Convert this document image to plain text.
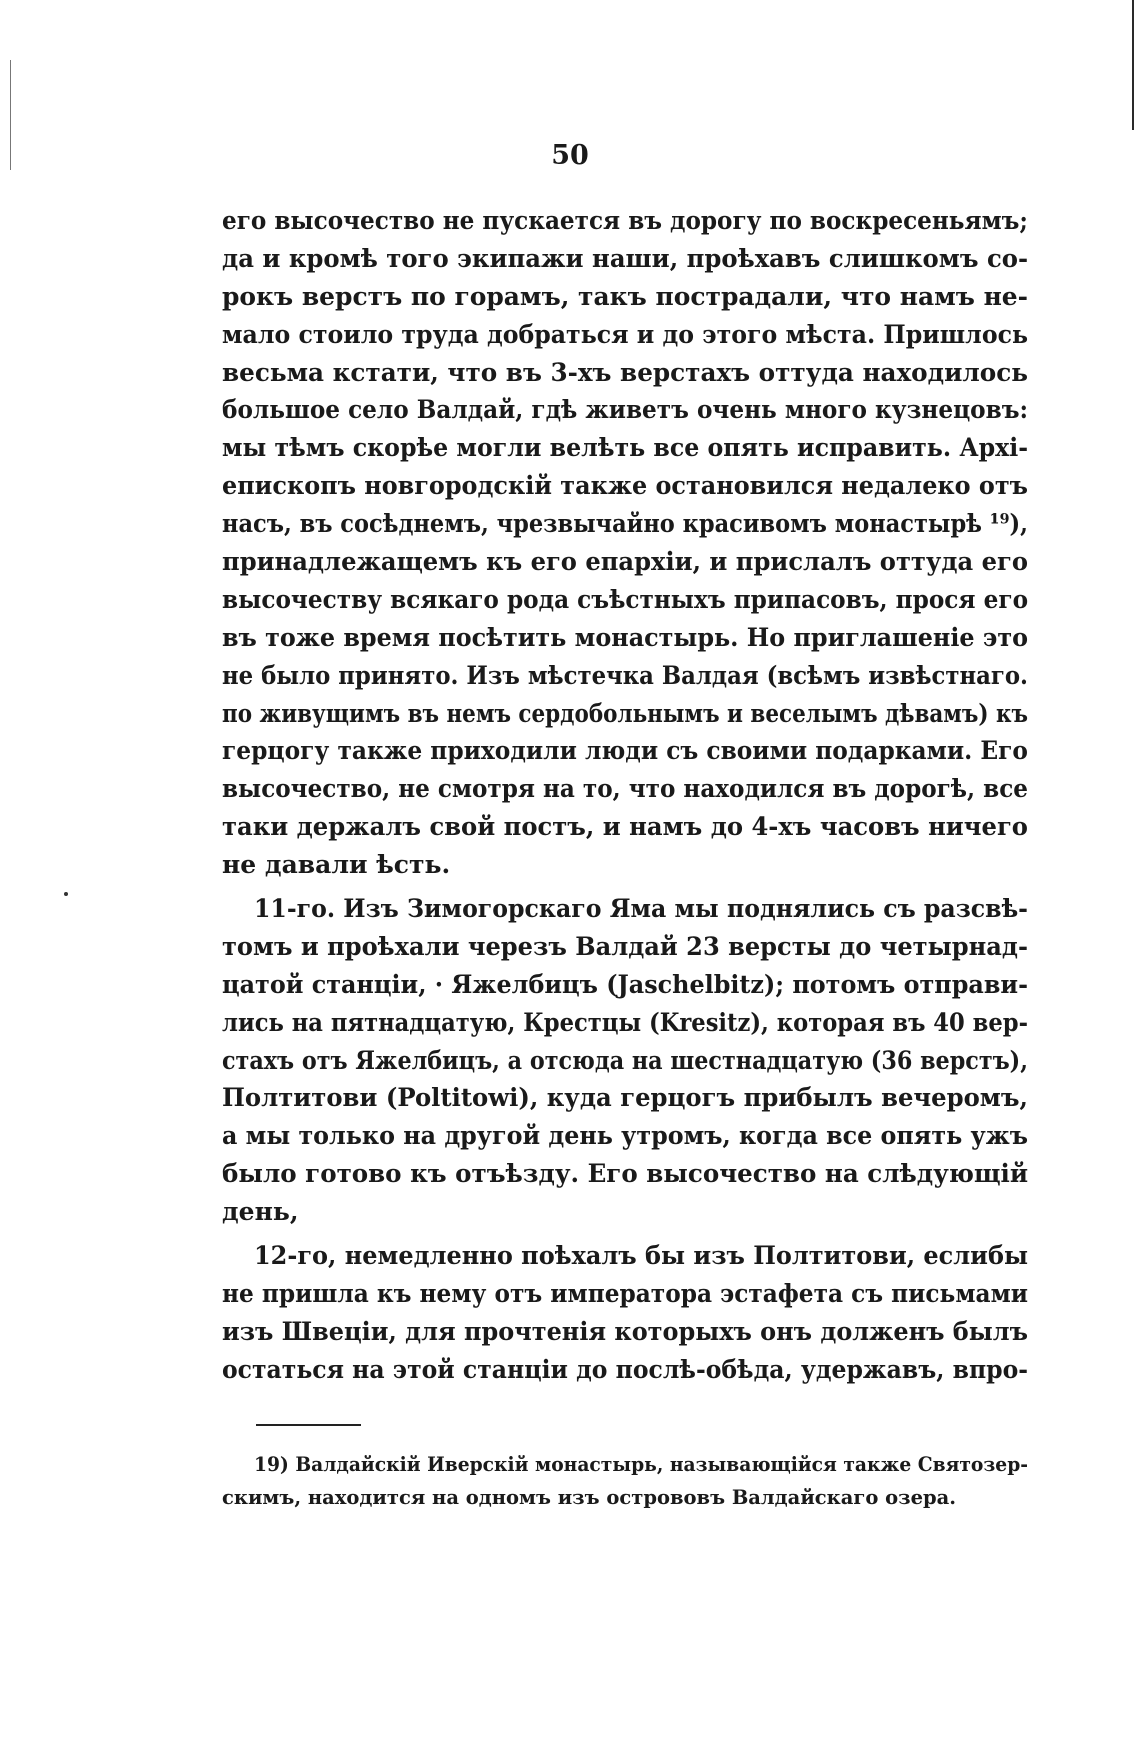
50
его высочество не пускается въ дорогу по воскресеньямъ;
да и кромѣ того экипажи наши, проѣхавъ слишкомъ со-
рокъ верстъ по горамъ, такъ пострадали, что намъ не-
мало стоило труда добраться и до этого мѣста. Пришлось
весьма кстати, что въ 3-хъ верстахъ оттуда находилось
большое село Валдай, гдѣ живетъ очень много кузнецовъ:
мы тѣмъ скорѣе могли велѣть все опять исправить. Архі-
епископъ новгородскій также остановился недалеко отъ
насъ, въ сосѣднемъ, чрезвычайно красивомъ монастырѣ ¹⁹),
принадлежащемъ къ его епархіи, и прислалъ оттуда его
высочеству всякаго рода съѣстныхъ припасовъ, прося его
въ тоже время посѣтить монастырь. Но приглашеніе это
не было принято. Изъ мѣстечка Валдая (всѣмъ извѣстнаго.
по живущимъ въ немъ сердобольнымъ и веселымъ дѣвамъ) къ
герцогу также приходили люди съ своими подарками. Его
высочество, не смотря на то, что находился въ дорогѣ, все
таки держалъ свой постъ, и намъ до 4-хъ часовъ ничего
не давали ѣсть.
11-го. Изъ Зимогорскаго Яма мы поднялись съ разсвѣ-
томъ и проѣхали черезъ Валдай 23 версты до четырнад-
цатой станціи, · Яжелбицъ (Jaschelbitz); потомъ отправи-
лись на пятнадцатую, Крестцы (Kresitz), которая въ 40 вер-
стахъ отъ Яжелбицъ, а отсюда на шестнадцатую (36 верстъ),
Полтитови (Poltitowi), куда герцогъ прибылъ вечеромъ,
а мы только на другой день утромъ, когда все опять ужъ
было готово къ отъѣзду. Его высочество на слѣдующій
день,
12-го, немедленно поѣхалъ бы изъ Полтитови, еслибы
не пришла къ нему отъ императора эстафета съ письмами
изъ Швеціи, для прочтенія которыхъ онъ долженъ былъ
остаться на этой станціи до послѣ-обѣда, удержавъ, впро-
19) Валдайскій Иверскій монастырь, называющійся также Святозер-
скимъ, находится на одномъ изъ острововъ Валдайскаго озера.
